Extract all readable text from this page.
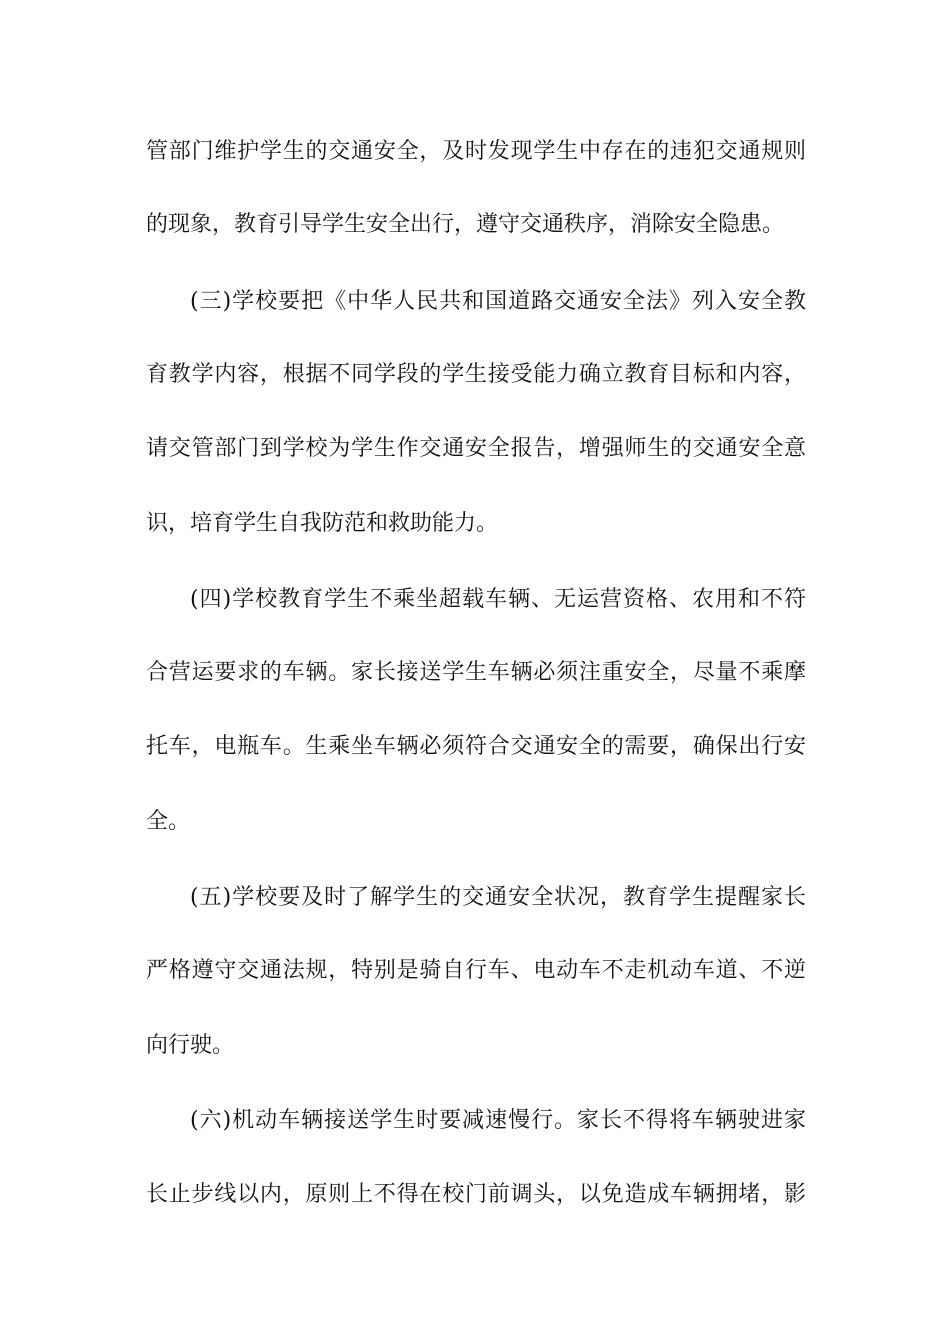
管部门维护学生的交通安全，及时发现学生中存在的违犯交通规则
的现象，教育引导学生安全出行，遵守交通秩序，消除安全隐患。
(三)学校要把《中华人民共和国道路交通安全法》列入安全教
育教学内容，根据不同学段的学生接受能力确立教育目标和内容，
请交管部门到学校为学生作交通安全报告，增强师生的交通安全意
识，培育学生自我防范和救助能力。
(四)学校教育学生不乘坐超载车辆、无运营资格、农用和不符
合营运要求的车辆。家长接送学生车辆必须注重安全，尽量不乘摩
托车，电瓶车。生乘坐车辆必须符合交通安全的需要，确保出行安
全。
(五)学校要及时了解学生的交通安全状况，教育学生提醒家长
严格遵守交通法规，特别是骑自行车、电动车不走机动车道、不逆
向行驶。
(六)机动车辆接送学生时要减速慢行。家长不得将车辆驶进家
长止步线以内，原则上不得在校门前调头，以免造成车辆拥堵，影
